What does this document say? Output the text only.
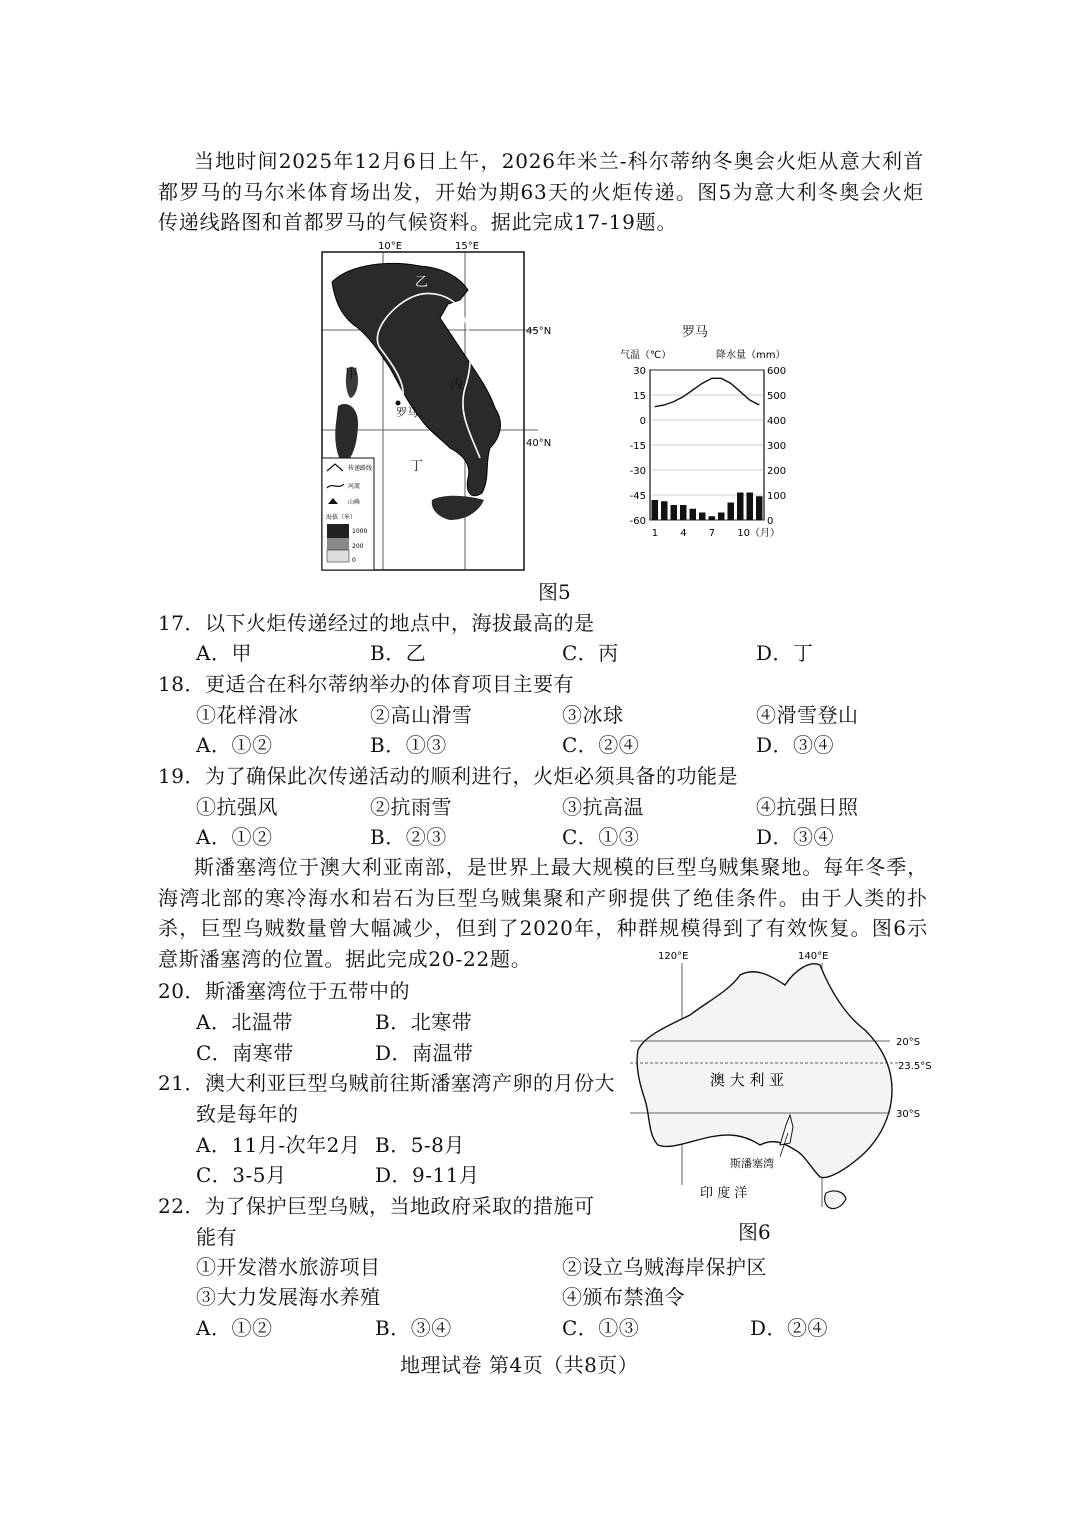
当地时间2025年12月6日上午，2026年米兰-科尔蒂纳冬奥会火炬从意大利首都罗马的马尔米体育场出发，开始为期63天的火炬传递。图5为意大利冬奥会火炬传递线路图和首都罗马的气候资料。据此完成17-19题。
10°E	15°E
45°N
40°N
甲
乙
丙
丁
罗马
传递路线
河流
山峰
海拔（米）
1000
200
0
罗马
气温（℃）	降水量（mm）
30	600
15	500
0	400
-15	300
-30	200
-45	100
-60	0
1 4 7 10（月）
图5
17．以下火炬传递经过的地点中，海拔最高的是
A．甲	B．乙	C．丙	D．丁
18．更适合在科尔蒂纳举办的体育项目主要有
①花样滑冰	②高山滑雪	③冰球	④滑雪登山
A．①②	B．①③	C．②④	D．③④
19．为了确保此次传递活动的顺利进行，火炬必须具备的功能是
①抗强风	②抗雨雪	③抗高温	④抗强日照
A．①②	B．②③	C．①③	D．③④
斯潘塞湾位于澳大利亚南部，是世界上最大规模的巨型乌贼集聚地。每年冬季，海湾北部的寒冷海水和岩石为巨型乌贼集聚和产卵提供了绝佳条件。由于人类的扑杀，巨型乌贼数量曾大幅减少，但到了2020年，种群规模得到了有效恢复。图6示意斯潘塞湾的位置。据此完成20-22题。	120°E	140°E
20°S
23.5°S
30°S
澳 大 利 亚
斯潘塞湾
印 度 洋
图6
20．斯潘塞湾位于五带中的
A．北温带	B．北寒带
C．南寒带	D．南温带
21．澳大利亚巨型乌贼前往斯潘塞湾产卵的月份大
致是每年的
A．11月-次年2月 B．5-8月
C．3-5月	D．9-11月
22．为了保护巨型乌贼，当地政府采取的措施可
能有
①开发潜水旅游项目	②设立乌贼海岸保护区
③大力发展海水养殖	④颁布禁渔令
A．①②	B．③④	C．①③	D．②④
地理试卷 第4页（共8页）
